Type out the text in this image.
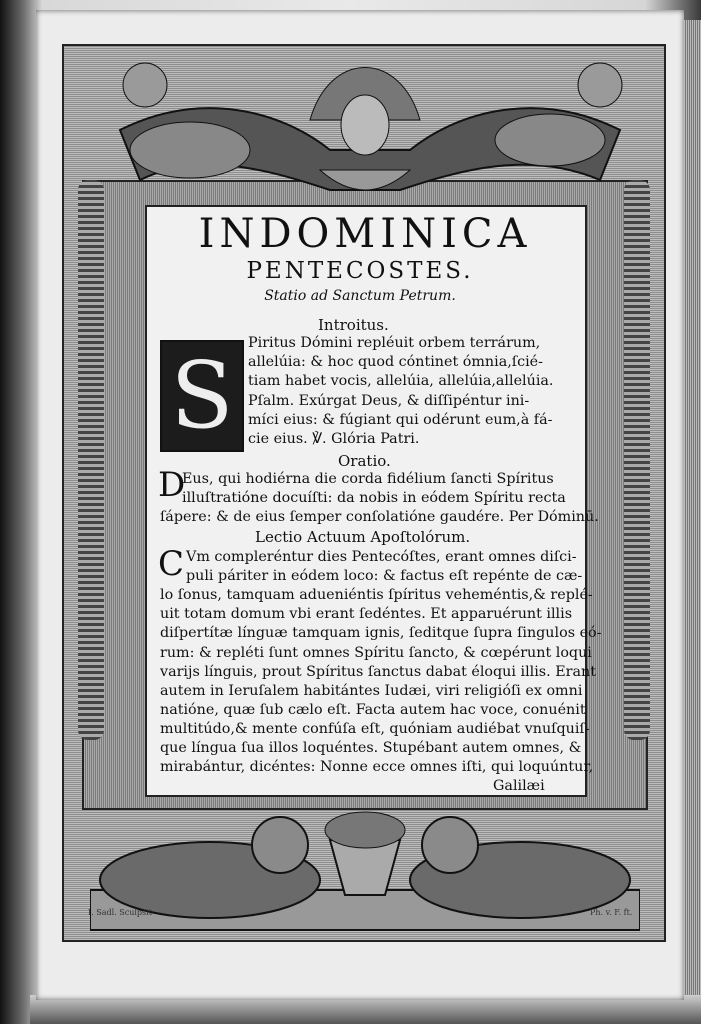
INDOMINICA
PENTECOSTES.
Statio ad Sanctum Petrum.
Introitus.
S	Piritus Dómini repléuit orbem terrárum,
allelúia: & hoc quod cóntinet ómnia,ſcié-
tiam habet vocis, allelúia, allelúia,allelúia.
Pſalm. Exúrgat Deus, & diſſipéntur ini-
míci eius: & fúgiant qui odérunt eum,à fá-
cie eius. ℣. Glória Patri.
Oratio.
D
Eus, qui hodiérna die corda fidélium ſancti Spíritus
illuſtratióne docuíſti: da nobis in eódem Spíritu recta
ſápere: & de eius ſemper conſolatióne gaudére. Per Dóminū.
Lectio Actuum Apoſtolórum.
C Vm compleréntur dies Pentecóſtes, erant omnes diſci-
puli páriter in eódem loco: & factus eſt repénte de cæ-
lo ſonus, tamquam adueniéntis ſpíritus veheméntis,& replé-
uit totam domum vbi erant ſedéntes. Et apparuérunt illis
diſpertítæ línguæ tamquam ignis, ſeditque ſupra ſingulos eó-
rum: & repléti ſunt omnes Spíritu ſancto, & cœpérunt loqui
varijs línguis, prout Spíritus ſanctus dabat éloqui illis. Erant
autem in Ieruſalem habitántes Iudæi, viri religióſi ex omni
natióne, quæ ſub cælo eſt. Facta autem hac voce, conuénit
multitúdo,& mente confúſa eſt, quóniam audiébat vnuſquiſ-
que língua ſua illos loquéntes. Stupébant autem omnes, &
mirabántur, dicéntes: Nonne ecce omnes iſti, qui loquúntur,
Galilæi
I. Sadl. Sculpsit	Ph. v. F. ft.
